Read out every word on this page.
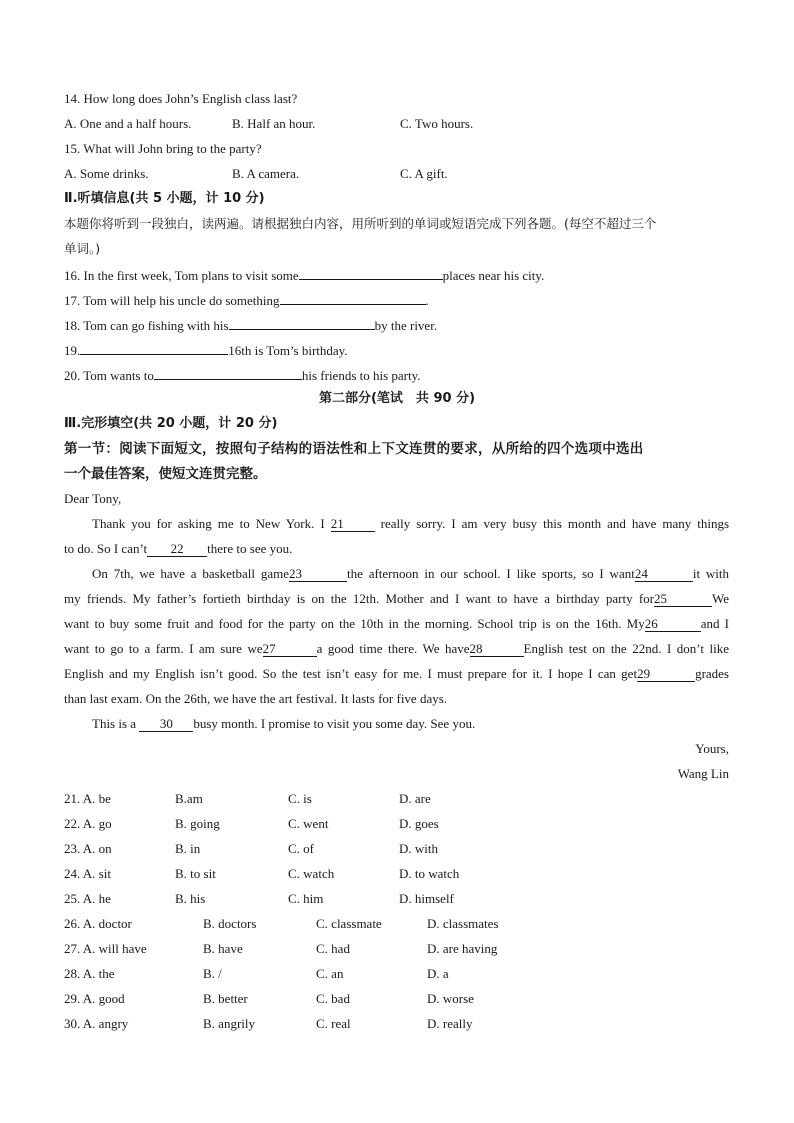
14. How long does John’s English class last?
A. One and a half hours.	B. Half an hour.	C. Two hours.
15. What will John bring to the party?
A. Some drinks.	B. A camera.	C. A gift.
Ⅱ.听填信息(共 5 小题，计 10 分)
本题你将听到一段独白，读两遍。请根据独白内容，用所听到的单词或短语完成下列各题。(每空不超过三个
单词。)
16. In the first week, Tom plans to visit some	places near his city.
17. Tom will help his uncle do something	.
18. Tom can go fishing with his	by the river.
19.	16th is Tom’s birthday.
20. Tom wants to	his friends to his party.
第二部分(笔试　共 90 分)
Ⅲ.完形填空(共 20 小题，计 20 分)
第一节：阅读下面短文，按照句子结构的语法性和上下文连贯的要求，从所给的四个选项中选出
一个最佳答案，使短文连贯完整。
Dear Tony,
Thank you for asking me to New York. I 21	really sorry. I am very busy this month and have many things
to do. So I can’t 22 there to see you.
On 7th, we have a basketball game23	the afternoon in our school. I like sports, so I want24	it with
my friends. My father’s fortieth birthday is on the 12th. Mother and I want to have a birthday party for25	We
want to buy some fruit and food for the party on the 10th in the morning. School trip is on the 16th. My26	and I
want to go to a farm. I am sure we27	a good time there. We have28	English test on the 22nd. I don’t like
English and my English isn’t good. So the test isn’t easy for me. I must prepare for it. I hope I can get29	grades
than last exam. On the 26th, we have the art festival. It lasts for five days.
This is a 30 busy month. I promise to visit you some day. See you.
Yours,
Wang Lin
21. A. be	B.am	C. is	D. are
22. A. go	B. going	C. went	D. goes
23. A. on	B. in	C. of	D. with
24. A. sit	B. to sit	C. watch	D. to watch
25. A. he	B. his	C. him	D. himself
26. A. doctor	B. doctors	C. classmate	D. classmates
27. A. will have	B. have	C. had	D. are having
28. A. the	B. /	C. an	D. a
29. A. good	B. better	C. bad	D. worse
30. A. angry	B. angrily	C. real	D. really
